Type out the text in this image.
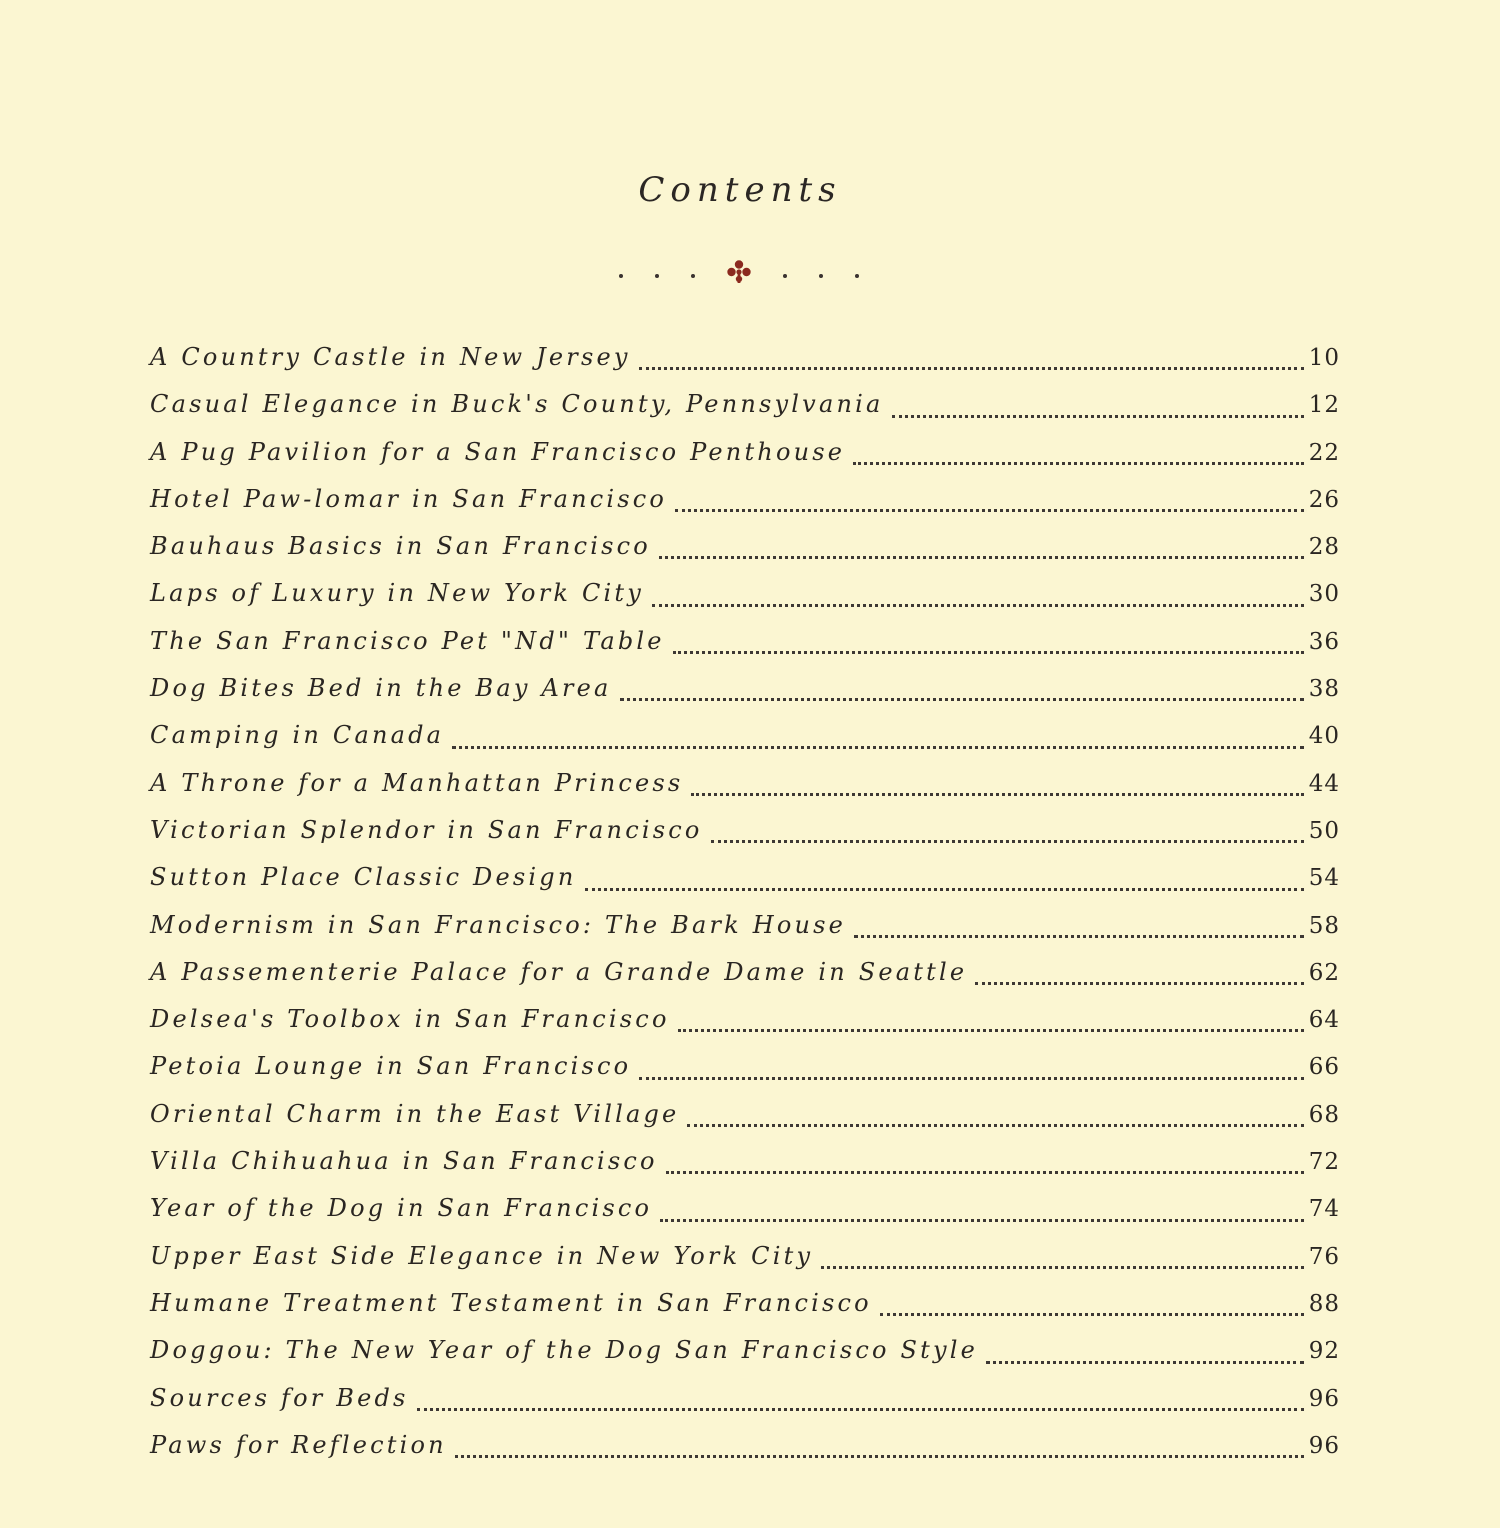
Contents
A Country Castle in New Jersey	10
Casual Elegance in Buck's County, Pennsylvania	12
A Pug Pavilion for a San Francisco Penthouse	22
Hotel Paw-lomar in San Francisco	26
Bauhaus Basics in San Francisco	28
Laps of Luxury in New York City	30
The San Francisco Pet "Nd" Table	36
Dog Bites Bed in the Bay Area	38
Camping in Canada	40
A Throne for a Manhattan Princess	44
Victorian Splendor in San Francisco	50
Sutton Place Classic Design	54
Modernism in San Francisco: The Bark House	58
A Passementerie Palace for a Grande Dame in Seattle	62
Delsea's Toolbox in San Francisco	64
Petoia Lounge in San Francisco	66
Oriental Charm in the East Village	68
Villa Chihuahua in San Francisco	72
Year of the Dog in San Francisco	74
Upper East Side Elegance in New York City	76
Humane Treatment Testament in San Francisco	88
Doggou: The New Year of the Dog San Francisco Style	92
Sources for Beds	96
Paws for Reflection	96
